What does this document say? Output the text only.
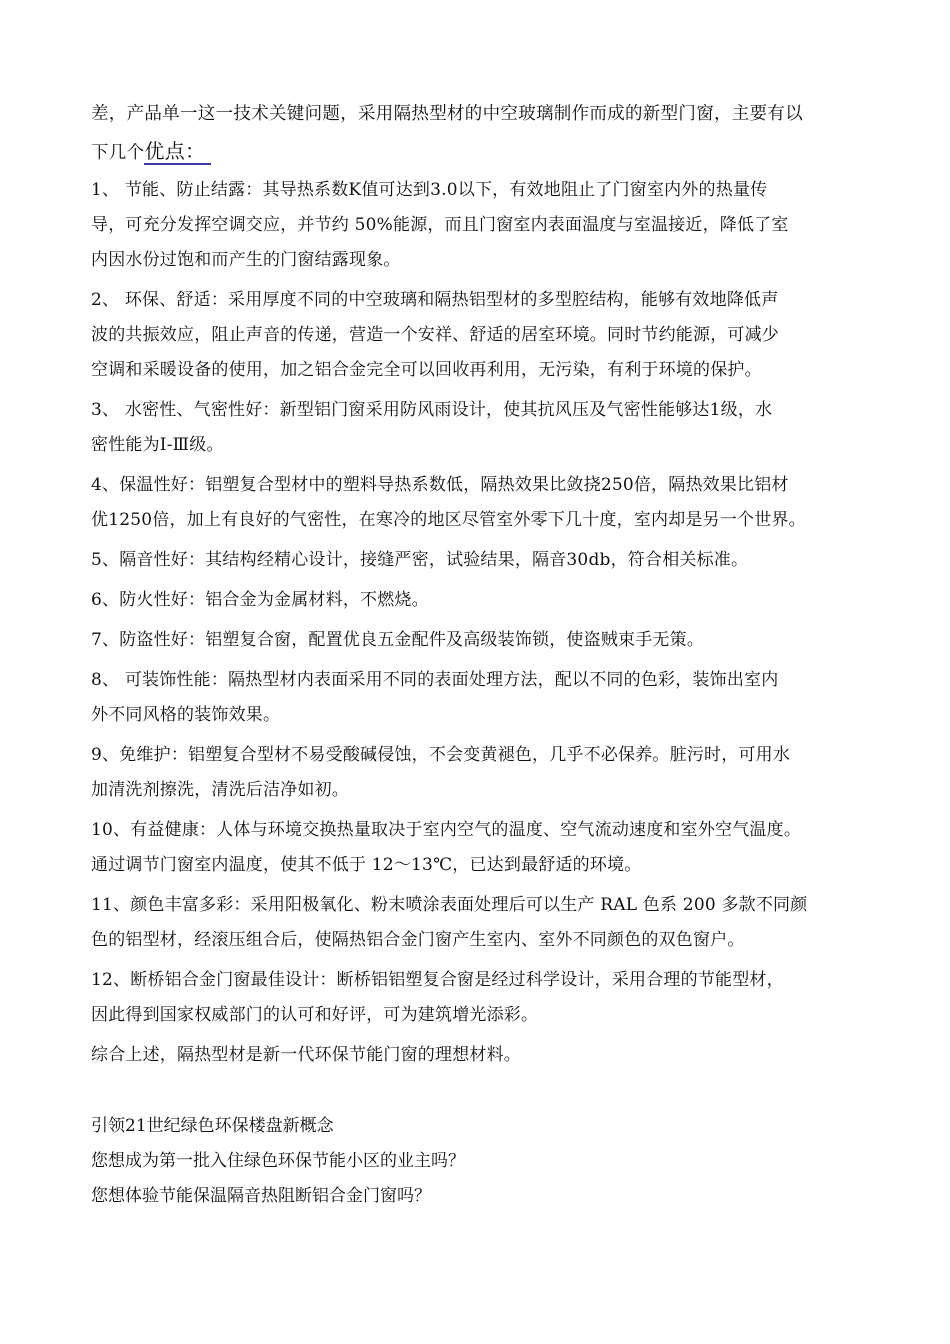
差，产品单一这一技术关键问题，采用隔热型材的中空玻璃制作而成的新型门窗，主要有以
下几个优点：
1、 节能、防止结露：其导热系数K值可达到3.0以下，有效地阻止了门窗室内外的热量传
导，可充分发挥空调交应，并节约 50%能源，而且门窗室内表面温度与室温接近，降低了室
内因水份过饱和而产生的门窗结露现象。
2、 环保、舒适：采用厚度不同的中空玻璃和隔热铝型材的多型腔结构，能够有效地降低声
波的共振效应，阻止声音的传递，营造一个安祥、舒适的居室环境。同时节约能源，可减少
空调和采暖设备的使用，加之铝合金完全可以回收再利用，无污染，有利于环境的保护。
3、 水密性、气密性好：新型铝门窗采用防风雨设计，使其抗风压及气密性能够达1级，水
密性能为Ⅰ-Ⅲ级。
4、保温性好：铝塑复合型材中的塑料导热系数低，隔热效果比敛挠250倍，隔热效果比铝材
优1250倍，加上有良好的气密性，在寒冷的地区尽管室外零下几十度，室内却是另一个世界。
5、隔音性好：其结构经精心设计，接缝严密，试验结果，隔音30db，符合相关标准。
6、防火性好：铝合金为金属材料，不燃烧。
7、防盗性好：铝塑复合窗，配置优良五金配件及高级装饰锁，使盗贼束手无策。
8、 可装饰性能：隔热型材内表面采用不同的表面处理方法，配以不同的色彩，装饰出室内
外不同风格的装饰效果。
9、免维护：铝塑复合型材不易受酸碱侵蚀，不会变黄褪色，几乎不必保养。脏污时，可用水
加清洗剂擦洗，清洗后洁净如初。
10、有益健康：人体与环境交换热量取决于室内空气的温度、空气流动速度和室外空气温度。
通过调节门窗室内温度，使其不低于 12～13℃，已达到最舒适的环境。
11、颜色丰富多彩：采用阳极氧化、粉末喷涂表面处理后可以生产 RAL 色系 200 多款不同颜
色的铝型材，经滚压组合后，使隔热铝合金门窗产生室内、室外不同颜色的双色窗户。
12、断桥铝合金门窗最佳设计：断桥铝铝塑复合窗是经过科学设计，采用合理的节能型材，
因此得到国家权威部门的认可和好评，可为建筑增光添彩。
综合上述，隔热型材是新一代环保节能门窗的理想材料。
引领21世纪绿色环保楼盘新概念
您想成为第一批入住绿色环保节能小区的业主吗？
您想体验节能保温隔音热阻断铝合金门窗吗？
